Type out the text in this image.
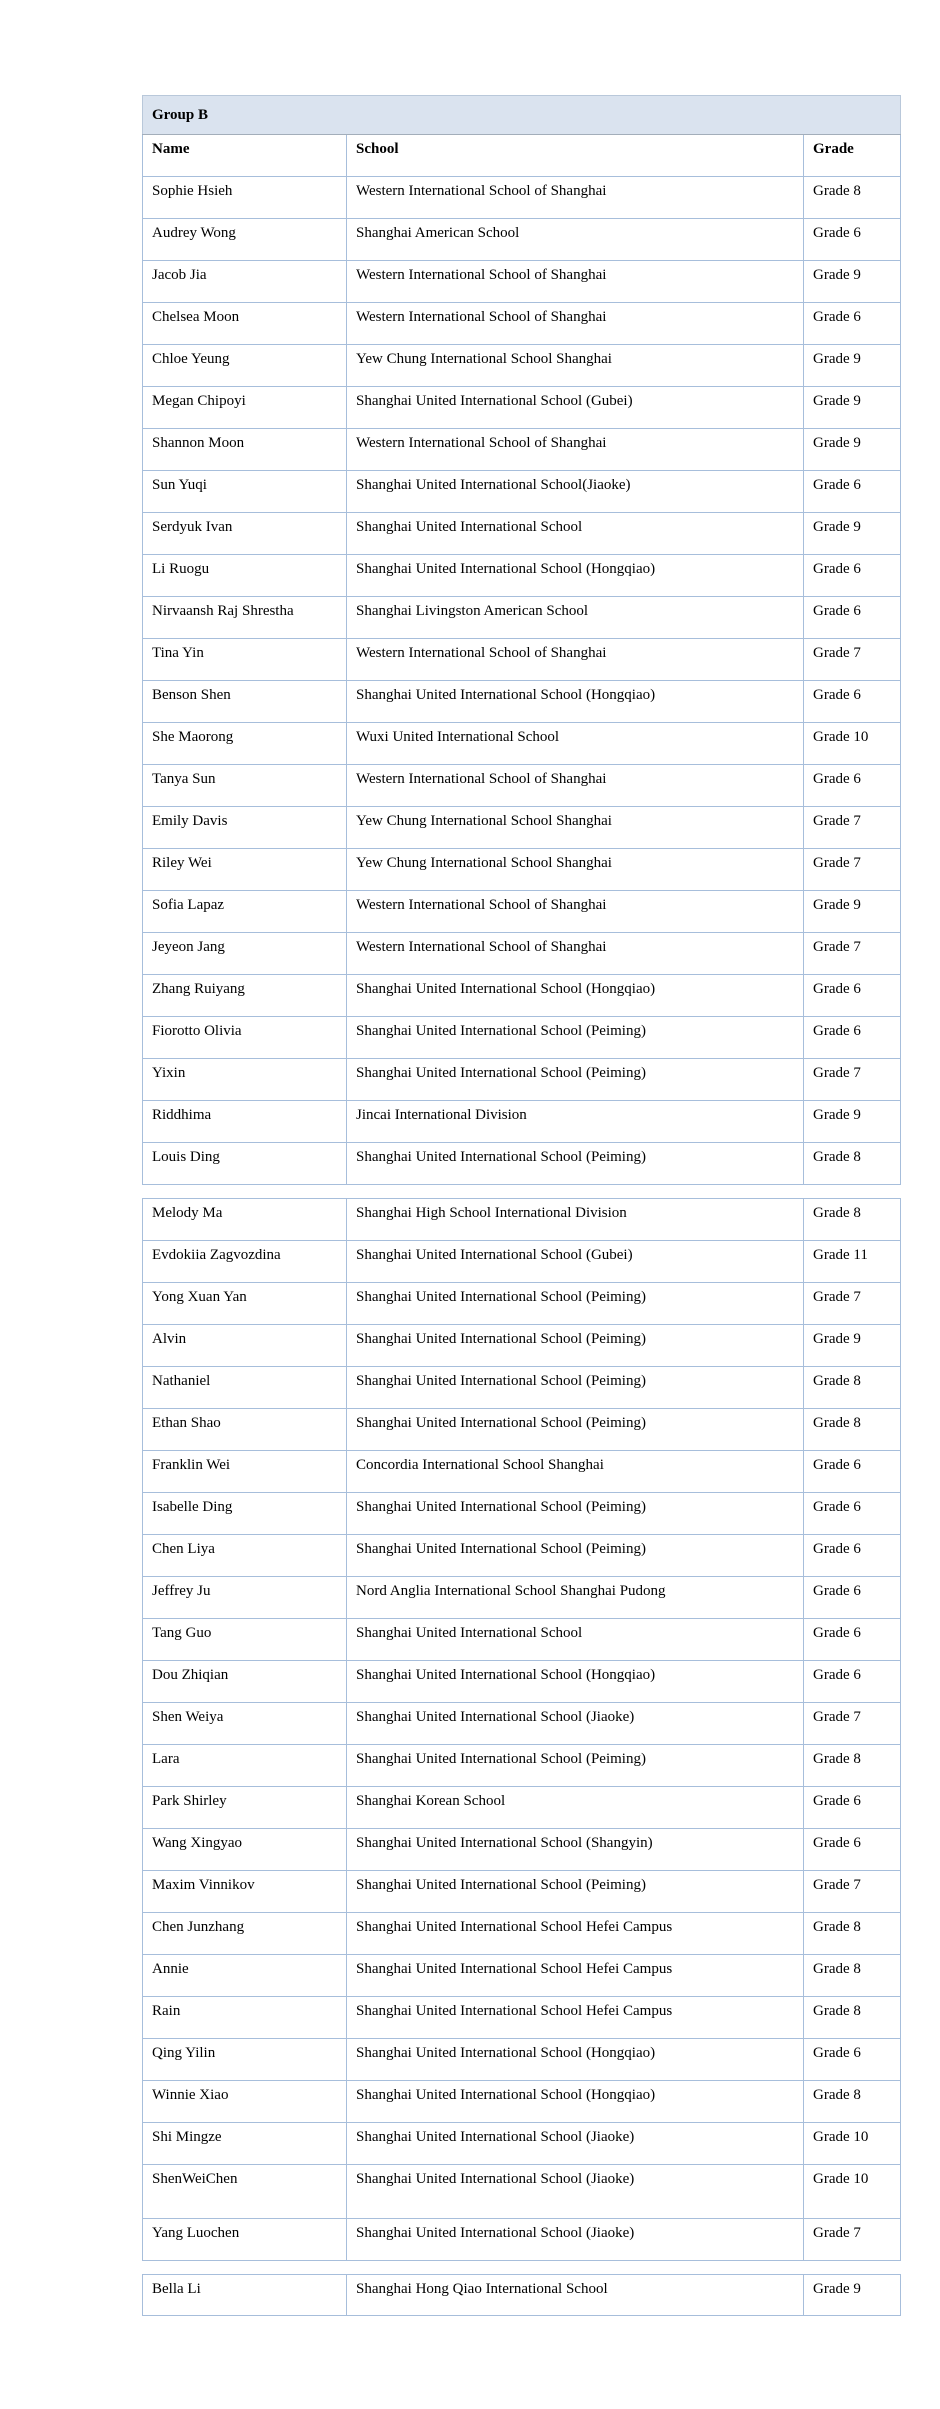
Group B		
Name	School	Grade
Sophie Hsieh	Western International School of Shanghai	Grade 8
Audrey Wong	Shanghai American School	Grade 6
Jacob Jia	Western International School of Shanghai	Grade 9
Chelsea Moon	Western International School of Shanghai	Grade 6
Chloe Yeung	Yew Chung International School Shanghai	Grade 9
Megan Chipoyi	Shanghai United International School (Gubei)	Grade 9
Shannon Moon	Western International School of Shanghai	Grade 9
Sun Yuqi	Shanghai United International School(Jiaoke)	Grade 6
Serdyuk Ivan	Shanghai United International School	Grade 9
Li Ruogu	Shanghai United International School (Hongqiao)	Grade 6
Nirvaansh Raj Shrestha	Shanghai Livingston American School	Grade 6
Tina Yin	Western International School of Shanghai	Grade 7
Benson Shen	Shanghai United International School (Hongqiao)	Grade 6
She Maorong	Wuxi United International School	Grade 10
Tanya Sun	Western International School of Shanghai	Grade 6
Emily Davis	Yew Chung International School Shanghai	Grade 7
Riley Wei	Yew Chung International School Shanghai	Grade 7
Sofia Lapaz	Western International School of Shanghai	Grade 9
Jeyeon Jang	Western International School of Shanghai	Grade 7
Zhang Ruiyang	Shanghai United International School (Hongqiao)	Grade 6
Fiorotto Olivia	Shanghai United International School (Peiming)	Grade 6
Yixin	Shanghai United International School (Peiming)	Grade 7
Riddhima	Jincai International Division	Grade 9
Louis Ding	Shanghai United International School (Peiming)	Grade 8
Melody Ma	Shanghai High School International Division	Grade 8
Evdokiia Zagvozdina	Shanghai United International School (Gubei)	Grade 11
Yong Xuan Yan	Shanghai United International School (Peiming)	Grade 7
Alvin	Shanghai United International School (Peiming)	Grade 9
Nathaniel	Shanghai United International School (Peiming)	Grade 8
Ethan Shao	Shanghai United International School (Peiming)	Grade 8
Franklin Wei	Concordia International School Shanghai	Grade 6
Isabelle Ding	Shanghai United International School (Peiming)	Grade 6
Chen Liya	Shanghai United International School (Peiming)	Grade 6
Jeffrey Ju	Nord Anglia International School Shanghai Pudong	Grade 6
Tang Guo	Shanghai United International School	Grade 6
Dou Zhiqian	Shanghai United International School (Hongqiao)	Grade 6
Shen Weiya	Shanghai United International School (Jiaoke)	Grade 7
Lara	Shanghai United International School (Peiming)	Grade 8
Park Shirley	Shanghai Korean School	Grade 6
Wang Xingyao	Shanghai United International School (Shangyin)	Grade 6
Maxim Vinnikov	Shanghai United International School (Peiming)	Grade 7
Chen Junzhang	Shanghai United International School Hefei Campus	Grade 8
Annie	Shanghai United International School Hefei Campus	Grade 8
Rain	Shanghai United International School Hefei Campus	Grade 8
Qing Yilin	Shanghai United International School (Hongqiao)	Grade 6
Winnie Xiao	Shanghai United International School (Hongqiao)	Grade 8
Shi Mingze	Shanghai United International School (Jiaoke)	Grade 10
ShenWeiChen	Shanghai United International School (Jiaoke)	Grade 10
Yang Luochen	Shanghai United International School (Jiaoke)	Grade 7
Bella Li	Shanghai Hong Qiao International School	Grade 9
